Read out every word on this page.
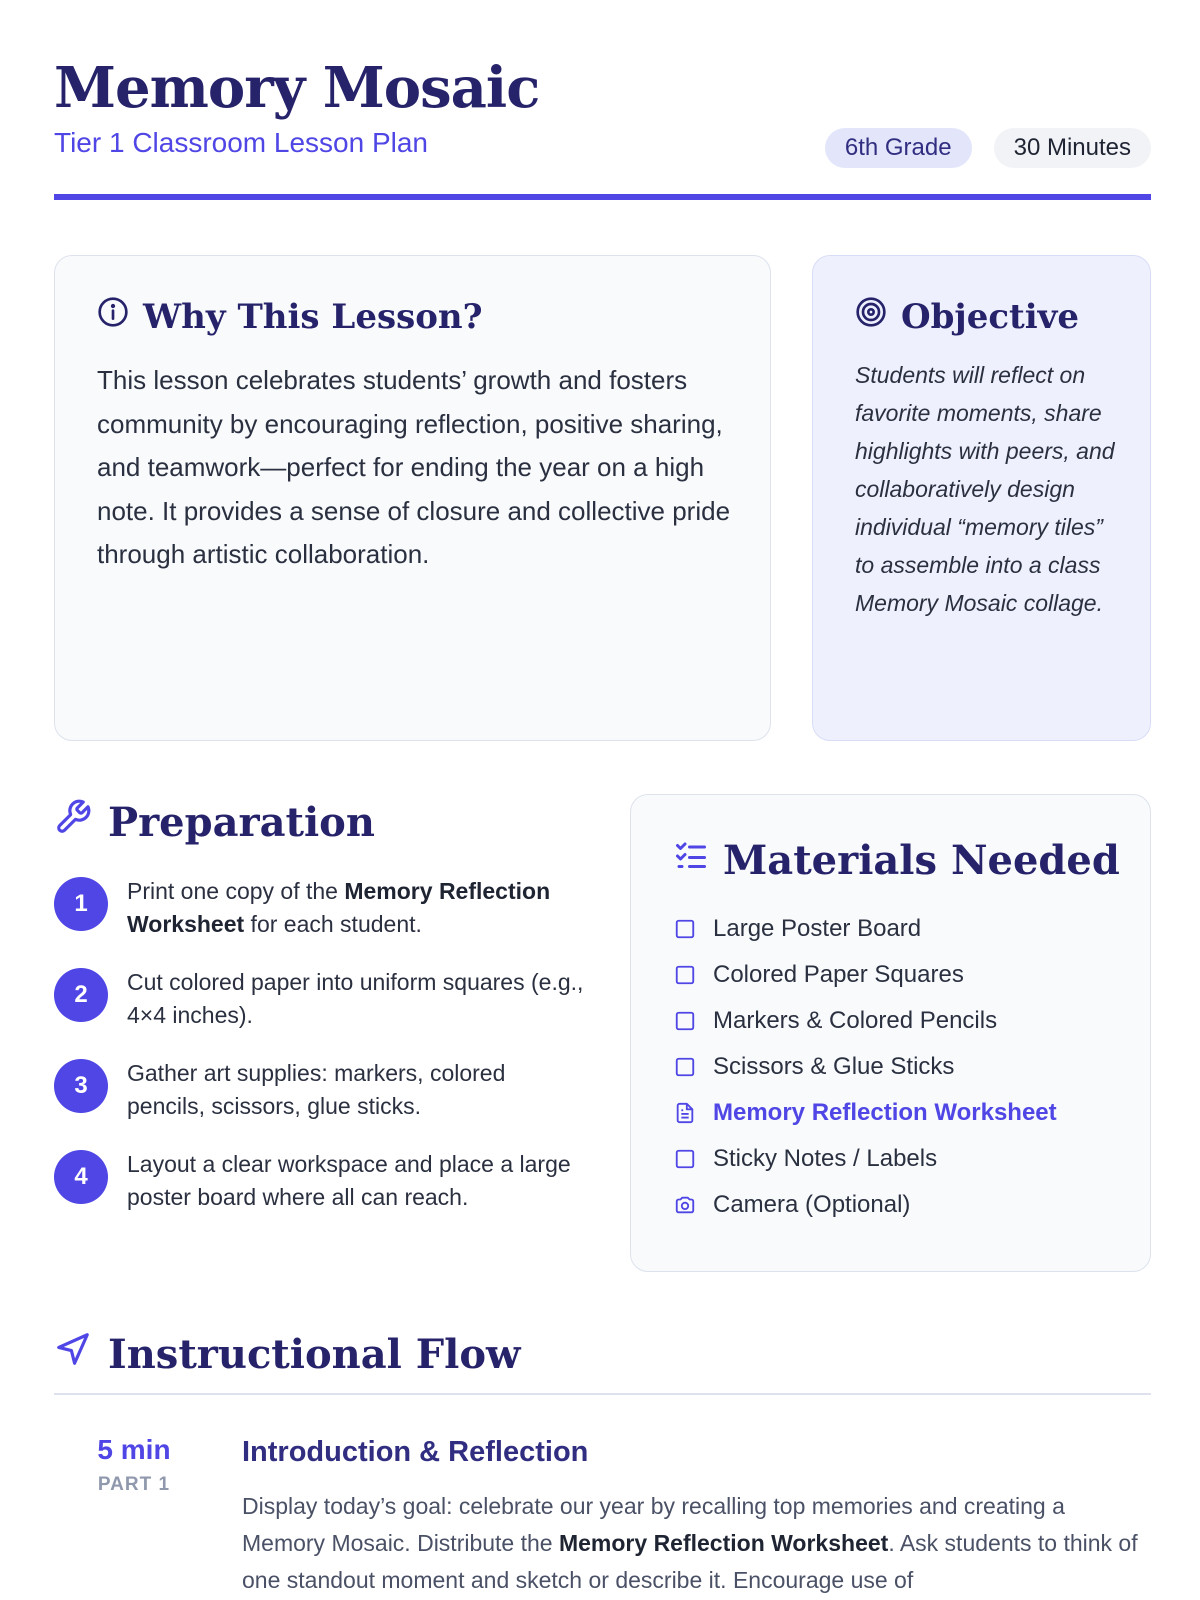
Memory Mosaic
Tier 1 Classroom Lesson Plan	6th Grade	30 Minutes
Why This Lesson?

This lesson celebrates students’ growth and fosters community by encouraging reflection, positive sharing, and teamwork—perfect for ending the year on a high note. It provides a sense of closure and collective pride through artistic collaboration.

Objective

Students will reflect on favorite moments, share highlights with peers, and collaboratively design individual “memory tiles” to assemble into a class Memory Mosaic collage.

Preparation
1	Print one copy of the Memory Reflection Worksheet for each student.
2	Cut colored paper into uniform squares (e.g., 4×4 inches).
3	Gather art supplies: markers, colored pencils, scissors, glue sticks.
4	Layout a clear workspace and place a large poster board where all can reach.
Materials Needed
Large Poster Board
Colored Paper Squares
Markers & Colored Pencils
Scissors & Glue Sticks
Memory Reflection Worksheet
Sticky Notes / Labels
Camera (Optional)
Instructional Flow
5 min
PART 1
Introduction & Reflection

Display today’s goal: celebrate our year by recalling top memories and creating a Memory Mosaic. Distribute the Memory Reflection Worksheet. Ask students to think of one standout moment and sketch or describe it. Encourage use of
